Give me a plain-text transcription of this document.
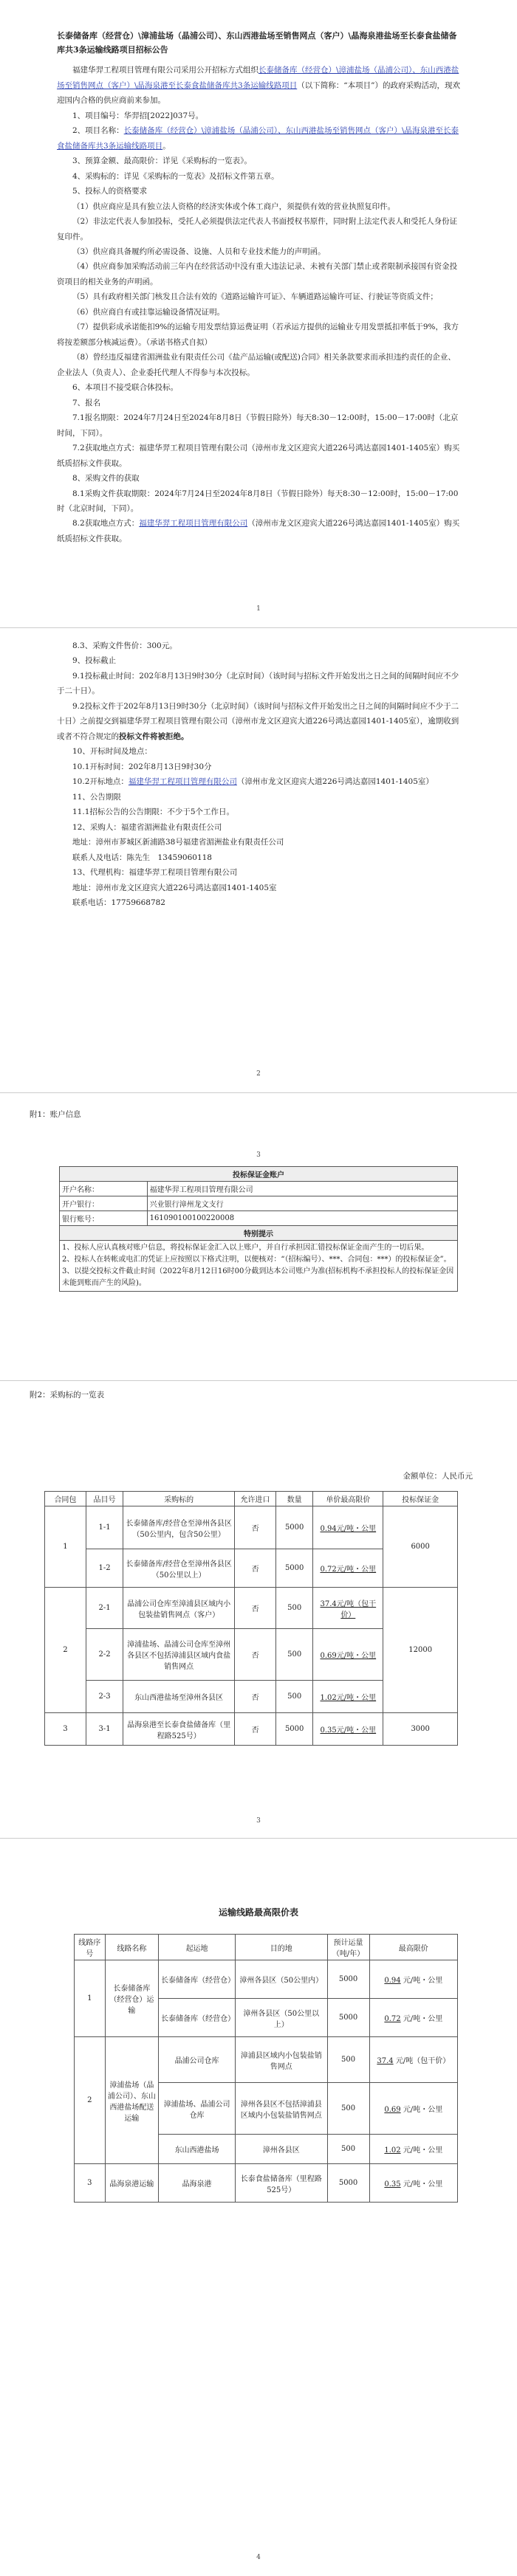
长泰储备库（经营仓）\漳浦盐场（晶浦公司）、东山西港盐场至销售网点（客户）\晶海泉港盐场至长泰食盐储备库共3条运输线路项目招标公告

福建华羿工程项目管理有限公司采用公开招标方式组织长泰储备库（经营仓）\漳浦盐场（晶浦公司）、东山西港盐场至销售网点（客户）\晶海泉港至长泰食盐储备库共3条运输线路项目（以下简称：“本项目”）的政府采购活动，现欢迎国内合格的供应商前来参加。

1、项目编号：华羿招[2022]037号。

2、项目名称：长泰储备库（经营仓）\漳浦盐场（晶浦公司）、东山西港盐场至销售网点（客户）\晶海泉港至长泰食盐储备库共3条运输线路项目。

3、预算金额、最高限价：详见《采购标的一览表》。

4、采购标的：详见《采购标的一览表》及招标文件第五章。

5、投标人的资格要求

（1）供应商应是具有独立法人资格的经济实体或个体工商户，须提供有效的营业执照复印件。

（2）非法定代表人参加投标，受托人必须提供法定代表人书面授权书原件，同时附上法定代表人和受托人身份证复印件。

（3）供应商具备履约所必需设备、设施、人员和专业技术能力的声明函。

（4）供应商参加采购活动前三年内在经营活动中没有重大违法记录、未被有关部门禁止或者限制承接国有资金投资项目的相关业务的声明函。

（5）具有政府相关部门核发且合法有效的《道路运输许可证》、车辆道路运输许可证、行驶证等资质文件；

（6）供应商自有或挂靠运输设备情况证明。

（7）提供彩成承诺能扣9%的运输专用发票结算运费证明（若承运方提供的运输业专用发票抵扣率低于9%，我方将按差额部分核减运费）。（承诺书格式自拟）

（8）曾经违反福建省湄洲盐业有限责任公司《盐产品运输(或配送)合同》相关条款要求而承担违约责任的企业、企业法人（负责人）、企业委托代理人不得参与本次投标。

6、本项目不接受联合体投标。

7、报名

7.1报名期限：2024年7月24日至2024年8月8日（节假日除外）每天8:30－12:00时，15:00－17:00时（北京时间，下同）。

7.2获取地点方式：福建华羿工程项目管理有限公司（漳州市龙文区迎宾大道226号鸿达嘉园1401-1405室）购买纸质招标文件获取。

8、采购文件的获取

8.1采购文件获取期限：2024年7月24日至2024年8月8日（节假日除外）每天8:30－12:00时，15:00－17:00时（北京时间，下同）。

8.2获取地点方式：福建华羿工程项目管理有限公司（漳州市龙文区迎宾大道226号鸿达嘉园1401-1405室）购买纸质招标文件获取。

1

8.3、采购文件售价：300元。

9、投标截止

9.1投标截止时间：202年8月13日9时30分（北京时间）（该时间与招标文件开始发出之日之间的间隔时间应不少于二十日）。

9.2投标文件于202年8月13日9时30分（北京时间）（该时间与招标文件开始发出之日之间的间隔时间应不少于二十日）之前提交到福建华羿工程项目管理有限公司（漳州市龙文区迎宾大道226号鸿达嘉园1401-1405室），逾期收到或者不符合规定的投标文件将被拒绝。

10、开标时间及地点：

10.1开标时间：202年8月13日9时30分

10.2开标地点：福建华羿工程项目管理有限公司（漳州市龙文区迎宾大道226号鸿达嘉园1401-1405室）

11、公告期限

11.1招标公告的公告期限：不少于5个工作日。

12、采购人：福建省湄洲盐业有限责任公司

地址：漳州市芗城区新浦路38号福建省湄洲盐业有限责任公司

联系人及电话：陈先生　13459060118

13、代理机构：福建华羿工程项目管理有限公司

地址：漳州市龙文区迎宾大道226号鸿达嘉园1401-1405室

联系电话：17759668782

2

附1：账户信息

3
投标保证金账户	
开户名称：	福建华羿工程项目管理有限公司
开户银行：	兴业银行漳州龙文支行
银行账号：	161090100100220008
特别提示	

1、投标人应认真核对账户信息，将投标保证金汇入以上账户，并自行承担因汇错投标保证金而产生的一切后果。
2、投标人在转帐或电汇的凭证上应按照以下格式注明，以便核对：“（招标编号）、***、合同包：***）的投标保证金”。
3、以提交投标文件截止时间（2022年8月12日16时00分截到达本公司账户为准(招标机构不承担投标人的投标保证金因未能到账而产生的风险)。	

附2：采购标的一览表

金额单位：人民币元

合同包	品目号	采购标的	允许进口	数量	单价最高限价	投标保证金
1	1-1	长泰储备库/经营仓至漳州各县区（50公里内，包含50公里）	否	5000	0.94元/吨・公里	6000
	1-2	长泰储备库/经营仓至漳州各县区（50公里以上）	否	5000	0.72元/吨・公里	
2	2-1	晶浦公司仓库至漳浦县区域内小包装盐销售网点（客户）	否	500	37.4元/吨（包干价）	12000
	2-2	漳浦盐场、晶浦公司仓库至漳州各县区不包括漳浦县区域内食盐销售网点	否	500	0.69元/吨・公里	
	2-3	东山西港盐场至漳州各县区	否	500	1.02元/吨・公里	
3	3-1	晶海泉港至长泰食盐储备库（里程路525号）	否	5000	0.35元/吨・公里	3000
3

运输线路最高限价表

线路序号	线路名称	起运地	目的地	预计运量（吨/年）	最高限价
1	长泰储备库（经营仓）运输	长泰储备库（经营仓）	漳州各县区（50公里内）	5000	0.94 元/吨・公里
		长泰储备库（经营仓）	漳州各县区（50公里以上）	5000	0.72 元/吨・公里
2	漳浦盐场（晶浦公司）、东山西港盐场配送运输	晶浦公司仓库	漳浦县区域内小包装盐销售网点	500	37.4 元/吨（包干价）
		漳浦盐场、晶浦公司仓库	漳州各县区不包括漳浦县区域内小包装盐销售网点	500	0.69 元/吨・公里
		东山西港盐场	漳州各县区	500	1.02 元/吨・公里
3	晶海泉港运输	晶海泉港	长泰食盐储备库（里程路525号）	5000	0.35 元/吨・公里
4
